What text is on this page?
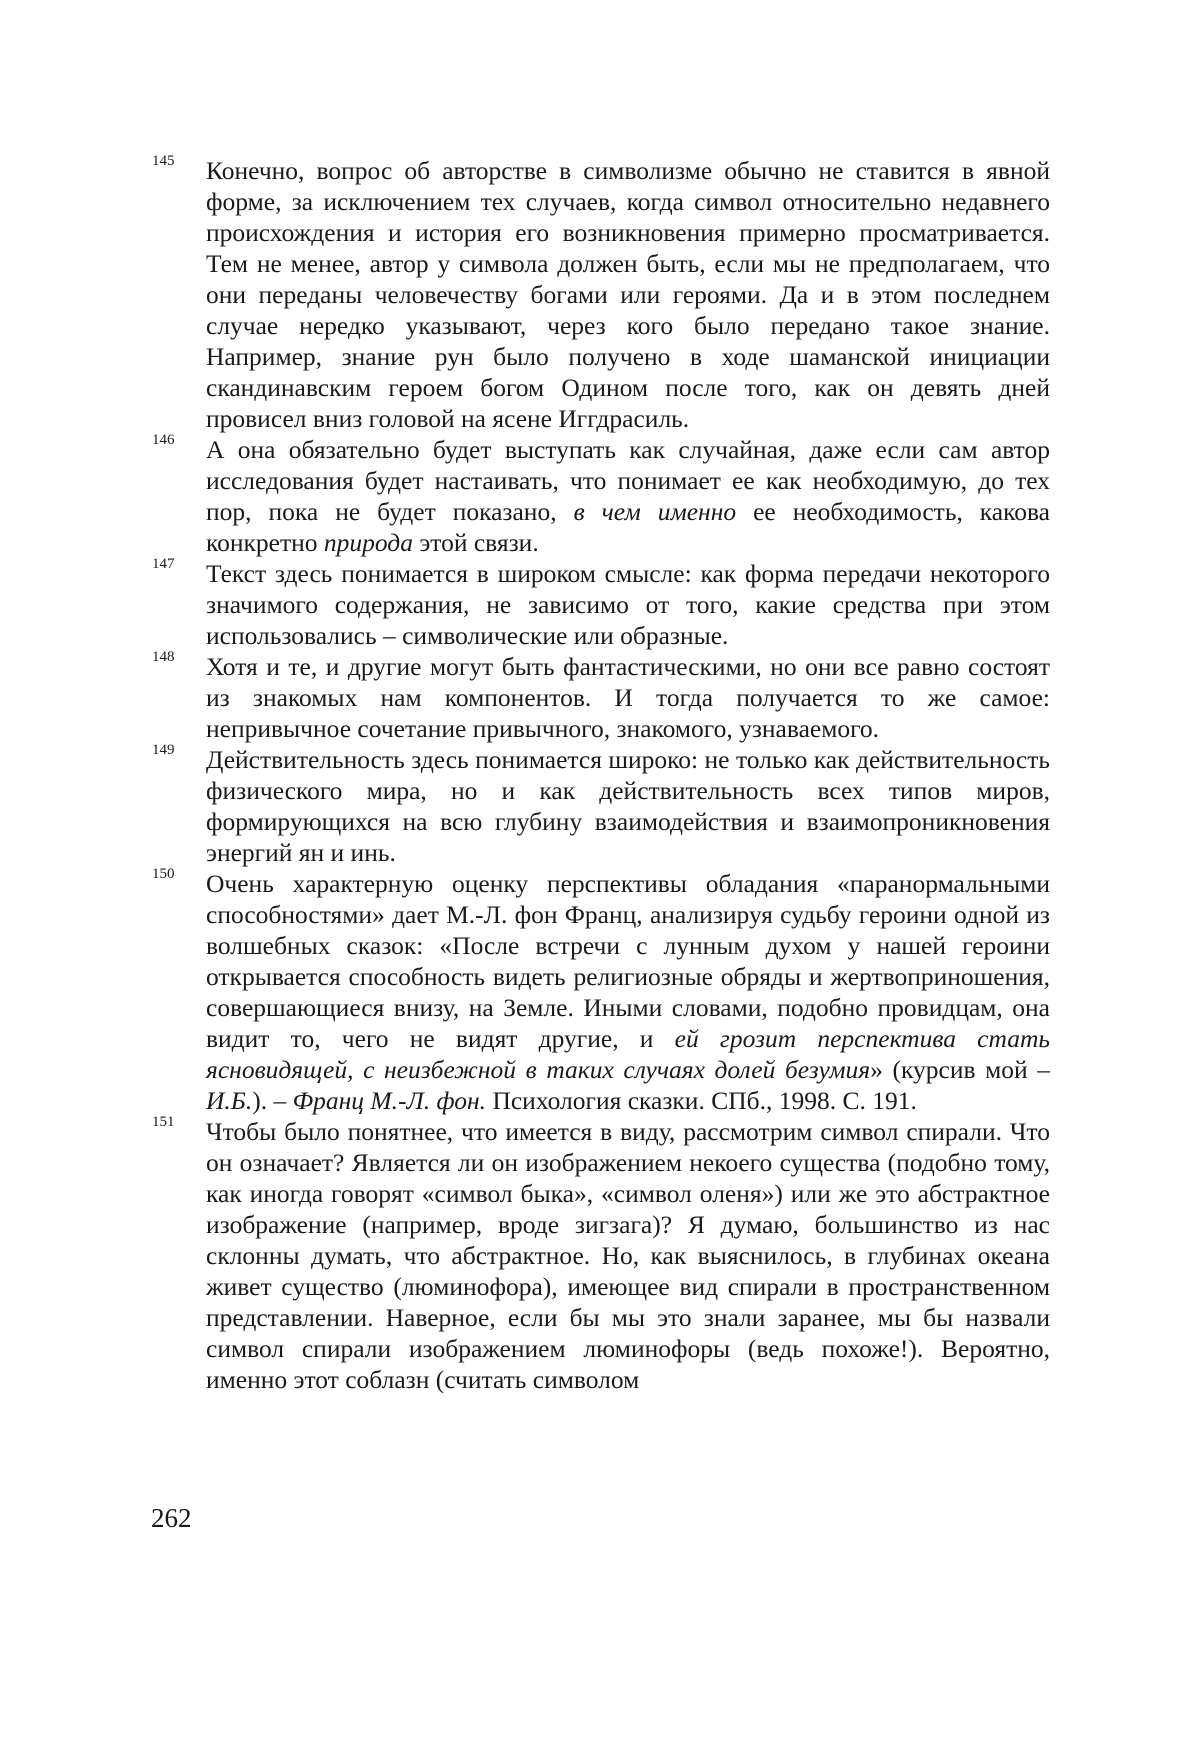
145 Конечно, вопрос об авторстве в символизме обычно не ставится в явной форме, за исключением тех случаев, когда символ относительно недавнего происхождения и история его возникновения примерно просматривается. Тем не менее, автор у символа должен быть, если мы не предполагаем, что они переданы человечеству богами или героями. Да и в этом последнем случае нередко указывают, через кого было передано такое знание. Например, знание рун было получено в ходе шаманской инициации скандинавским героем богом Одином после того, как он девять дней провисел вниз головой на ясене Иггдрасиль.
146 А она обязательно будет выступать как случайная, даже если сам автор исследования будет настаивать, что понимает ее как необходимую, до тех пор, пока не будет показано, в чем именно ее необходимость, какова конкретно природа этой связи.
147 Текст здесь понимается в широком смысле: как форма передачи некоторого значимого содержания, не зависимо от того, какие средства при этом использовались – символические или образные.
148 Хотя и те, и другие могут быть фантастическими, но они все равно состоят из знакомых нам компонентов. И тогда получается то же самое: непривычное сочетание привычного, знакомого, узнаваемого.
149 Действительность здесь понимается широко: не только как действительность физического мира, но и как действительность всех типов миров, формирующихся на всю глубину взаимодействия и взаимопроникновения энергий ян и инь.
150 Очень характерную оценку перспективы обладания «паранормальными способностями» дает М.-Л. фон Франц, анализируя судьбу героини одной из волшебных сказок: «После встречи с лунным духом у нашей героини открывается способность видеть религиозные обряды и жертвоприношения, совершающиеся внизу, на Земле. Иными словами, подобно провидцам, она видит то, чего не видят другие, и ей грозит перспектива стать ясновидящей, с неизбежной в таких случаях долей безумия» (курсив мой – И.Б.). – Франц М.-Л. фон. Психология сказки. СПб., 1998. С. 191.
151 Чтобы было понятнее, что имеется в виду, рассмотрим символ спирали. Что он означает? Является ли он изображением некоего существа (подобно тому, как иногда говорят «символ быка», «символ оленя») или же это абстрактное изображение (например, вроде зигзага)? Я думаю, большинство из нас склонны думать, что абстрактное. Но, как выяснилось, в глубинах океана живет существо (люминофора), имеющее вид спирали в пространственном представлении. Наверное, если бы мы это знали заранее, мы бы назвали символ спирали изображением люминофоры (ведь похоже!). Вероятно, именно этот соблазн (считать символом
262
